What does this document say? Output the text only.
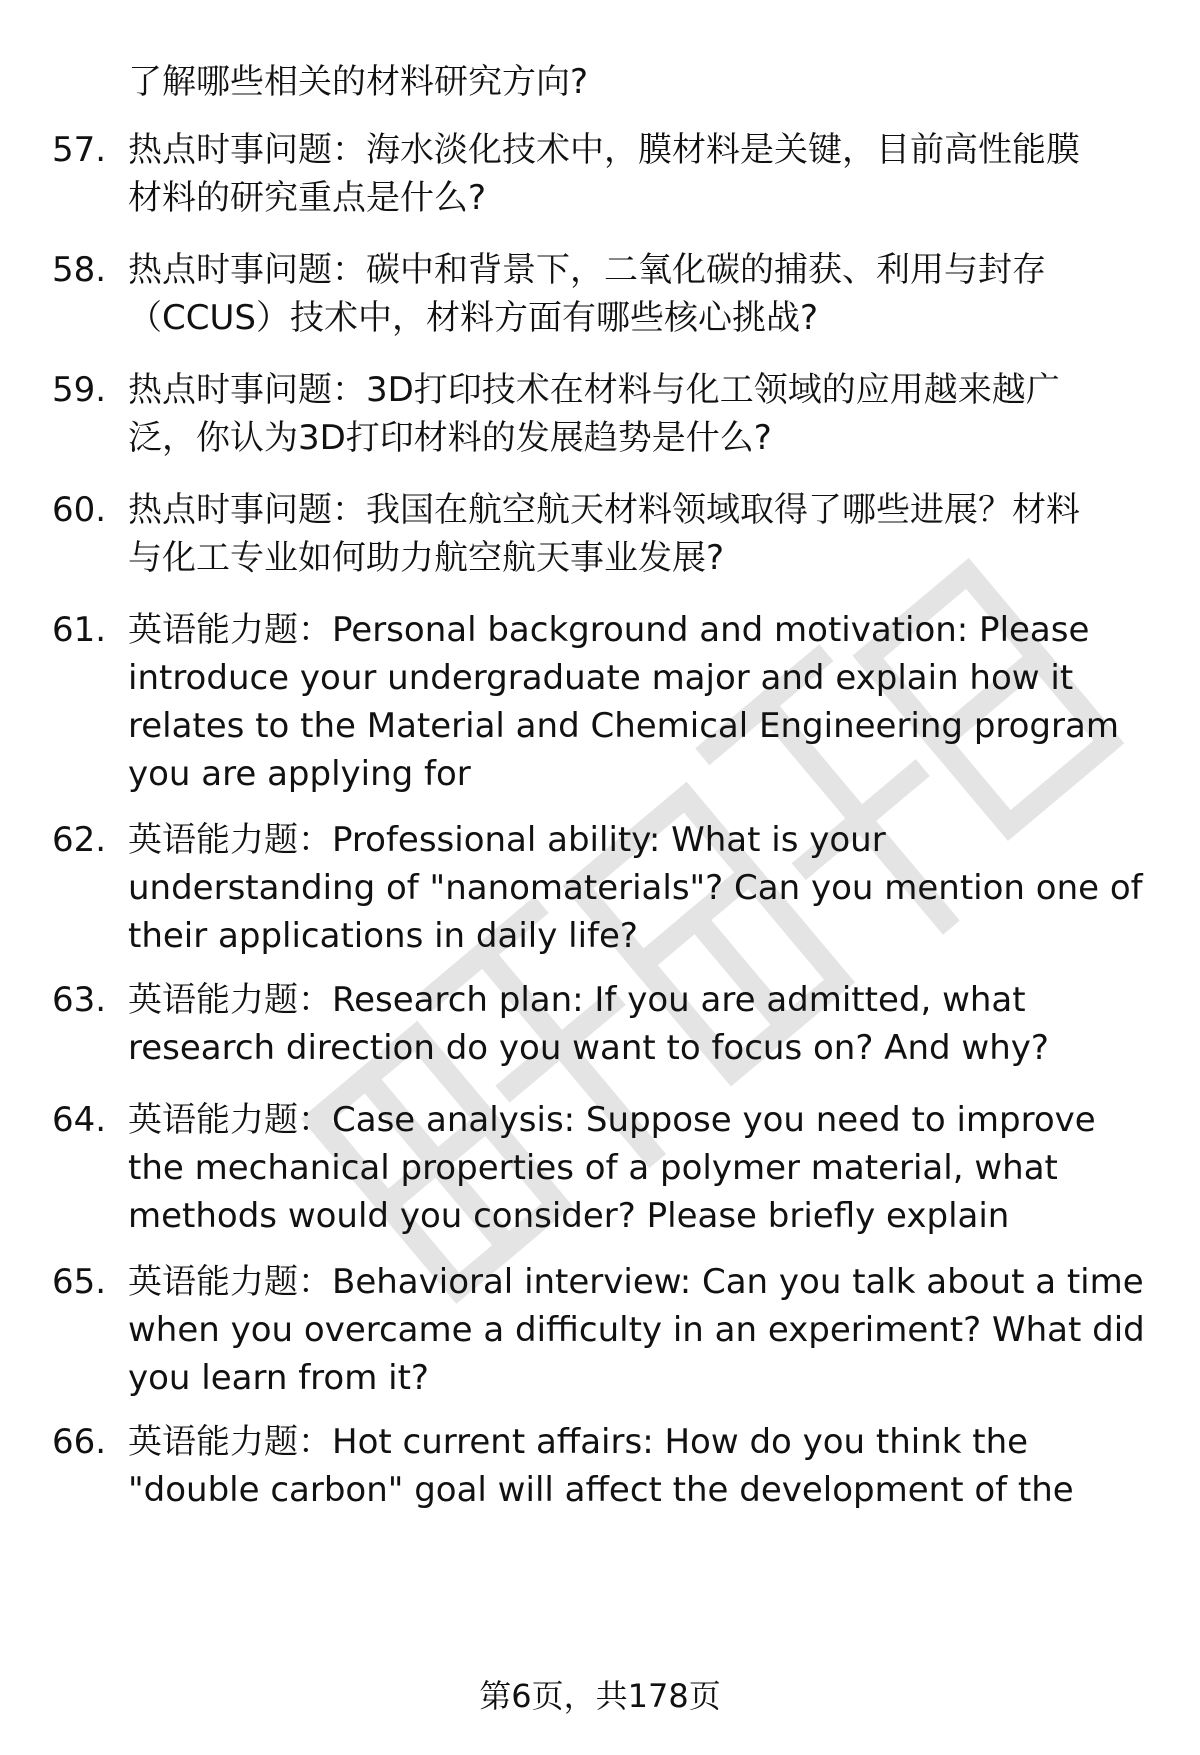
了解哪些相关的材料研究方向?
57. 热点时事问题：海水淡化技术中，膜材料是关键，目前高性能膜
材料的研究重点是什么?
58. 热点时事问题：碳中和背景下，二氧化碳的捕获、利用与封存
（CCUS）技术中，材料方面有哪些核心挑战?
59. 热点时事问题：3D打印技术在材料与化工领域的应用越来越广
泛，你认为3D打印材料的发展趋势是什么?
60. 热点时事问题：我国在航空航天材料领域取得了哪些进展？材料
与化工专业如何助力航空航天事业发展?
61. 英语能力题：Personal background and motivation: Please
introduce your undergraduate major and explain how it
relates to the Material and Chemical Engineering program
you are applying for
62. 英语能力题：Professional ability: What is your
understanding of "nanomaterials"? Can you mention one of
their applications in daily life?
63. 英语能力题：Research plan: If you are admitted, what
research direction do you want to focus on? And why?
64. 英语能力题：Case analysis: Suppose you need to improve
the mechanical properties of a polymer material, what
methods would you consider? Please briefly explain
65. 英语能力题：Behavioral interview: Can you talk about a time
when you overcame a difficulty in an experiment? What did
you learn from it?
66. 英语能力题：Hot current affairs: How do you think the
"double carbon" goal will affect the development of the
第6页，共178页
